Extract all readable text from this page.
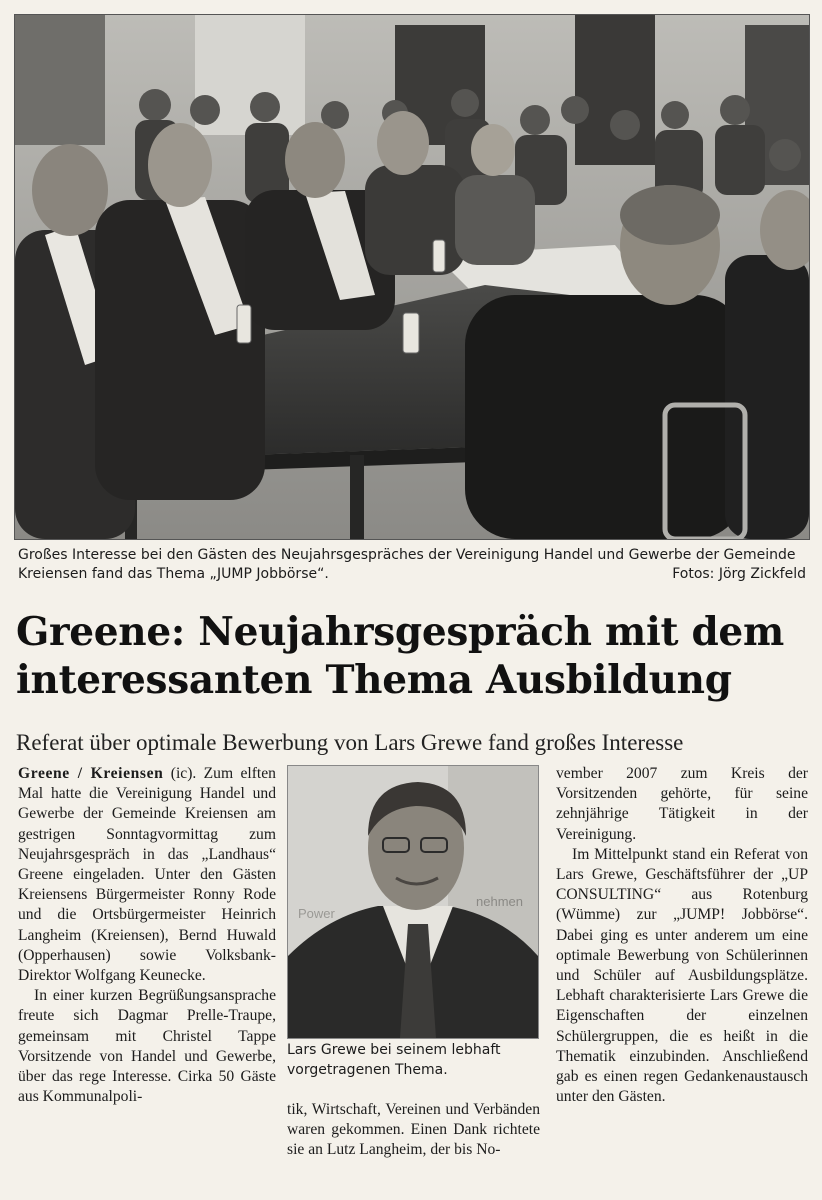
Großes Interesse bei den Gästen des Neujahrsgespräches der Vereinigung Handel und Gewerbe der Gemeinde Kreiensen fand das Thema „JUMP Jobbörse“.	Fotos: Jörg Zickfeld
Greene: Neujahrsgespräch mit dem interessanten Thema Ausbildung
Referat über optimale Bewerbung von Lars Grewe fand großes Interesse

Greene / Kreiensen (ic). Zum elften Mal hatte die Vereinigung Handel und Gewerbe der Gemeinde Kreiensen am gestrigen Sonntagvormittag zum Neujahrsgespräch in das „Landhaus“ Greene eingeladen. Unter den Gästen Kreiensens Bürgermeister Ronny Rode und die Ortsbürgermeister Heinrich Langheim (Kreiensen), Bernd Huwald (Opperhausen) sowie Volksbank-Direktor Wolfgang Keunecke.

In einer kurzen Begrüßungsansprache freute sich Dagmar Prelle-Traupe, gemeinsam mit Christel Tappe Vorsitzende von Handel und Gewerbe, über das rege Interesse. Cirka 50 Gäste aus Kommunalpoli-

nehmen
Power
Lars Grewe bei seinem lebhaft vorgetragenen Thema.

tik, Wirtschaft, Vereinen und Verbänden waren gekommen. Einen Dank richtete sie an Lutz Langheim, der bis No-

vember 2007 zum Kreis der Vorsitzenden gehörte, für seine zehnjährige Tätigkeit in der Vereinigung.

Im Mittelpunkt stand ein Referat von Lars Grewe, Geschäftsführer der „UP CONSULTING“ aus Rotenburg (Wümme) zur „JUMP! Jobbörse“. Dabei ging es unter anderem um eine optimale Bewerbung von Schülerinnen und Schüler auf Ausbildungsplätze. Lebhaft charakterisierte Lars Grewe die Eigenschaften der einzelnen Schülergruppen, die es heißt in die Thematik einzubinden. Anschließend gab es einen regen Gedankenaustausch unter den Gästen.
